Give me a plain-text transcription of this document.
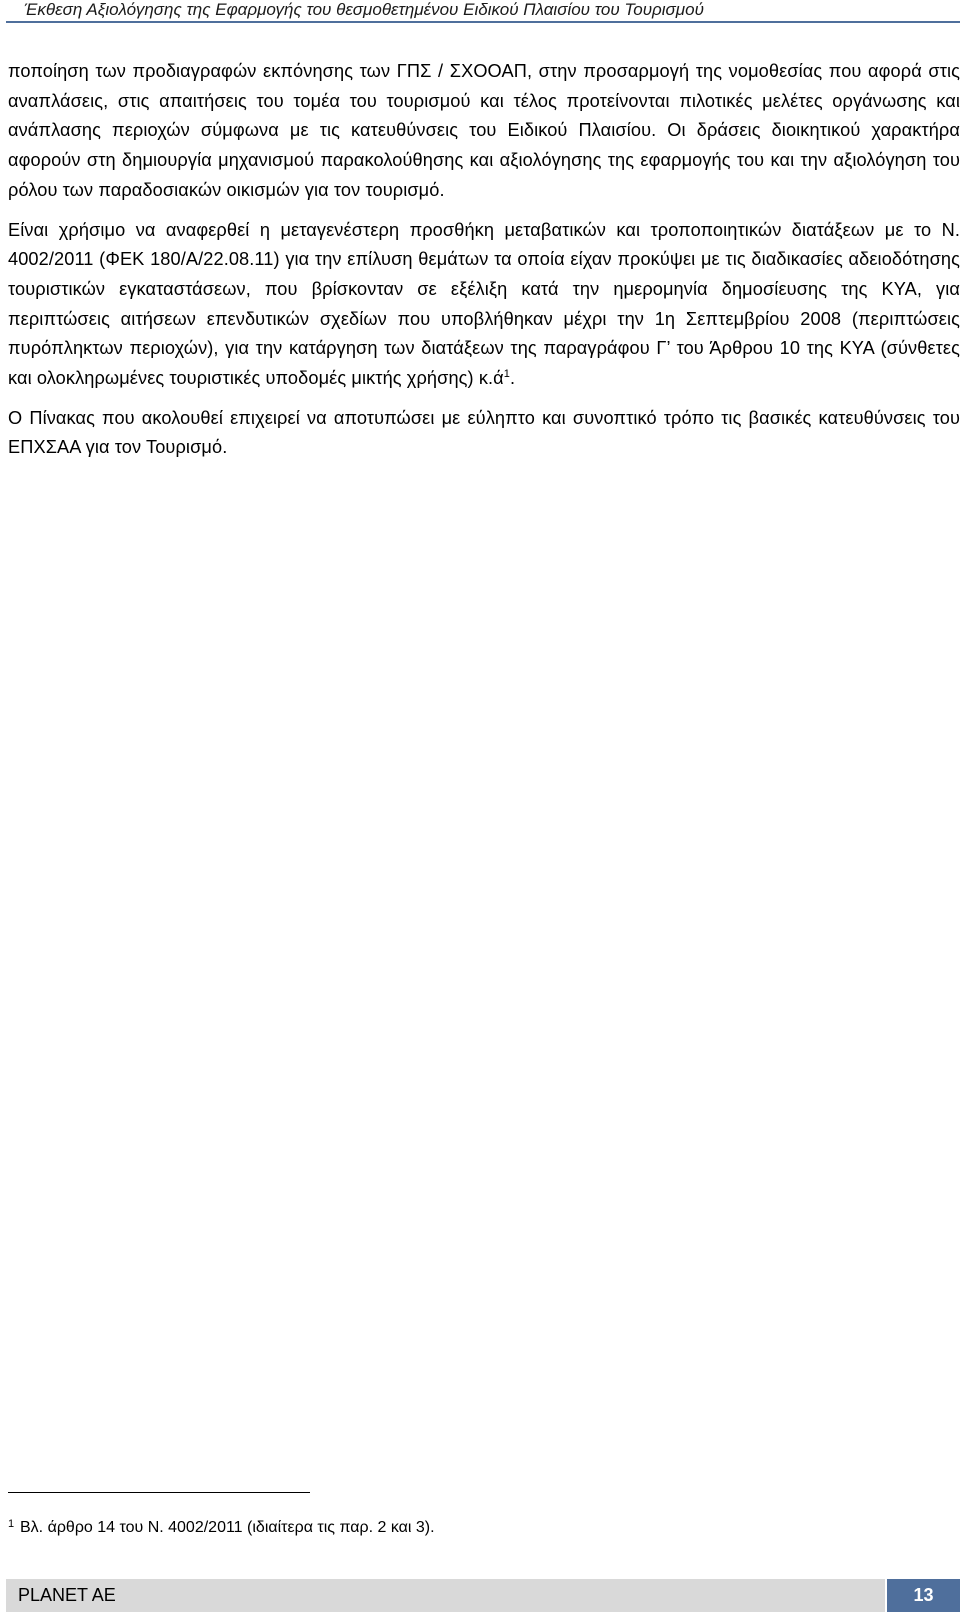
Έκθεση Αξιολόγησης της Εφαρμογής του θεσμοθετημένου Ειδικού Πλαισίου του Τουρισμού

ποποίηση των προδιαγραφών εκπόνησης των ΓΠΣ / ΣΧΟΟΑΠ, στην προσαρμογή της νομοθεσίας που αφορά στις αναπλάσεις, στις απαιτήσεις του τομέα του τουρισμού και τέλος προτείνονται πιλοτικές μελέτες οργάνωσης και ανάπλασης περιοχών σύμφωνα με τις κατευθύνσεις του Ειδικού Πλαισίου. Οι δράσεις διοικητικού χαρακτήρα αφορούν στη δημιουργία μηχανισμού παρακολούθησης και αξιολόγησης της εφαρμογής του και την αξιολόγηση του ρόλου των παραδοσιακών οικισμών για τον τουρισμό.

Είναι χρήσιμο να αναφερθεί η μεταγενέστερη προσθήκη μεταβατικών και τροποποιητικών διατάξεων με το Ν. 4002/2011 (ΦΕΚ 180/Α/22.08.11) για την επίλυση θεμάτων τα οποία είχαν προκύψει με τις διαδικασίες αδειοδότησης τουριστικών εγκαταστάσεων, που βρίσκονταν σε εξέλιξη κατά την ημερομηνία δημοσίευσης της ΚΥΑ, για περιπτώσεις αιτήσεων επενδυτικών σχεδίων που υποβλήθηκαν μέχρι την 1η Σεπτεμβρίου 2008 (περιπτώσεις πυρόπληκτων περιοχών), για την κατάργηση των διατάξεων της παραγράφου Γ’ του Άρθρου 10 της ΚΥΑ (σύνθετες και ολοκληρωμένες τουριστικές υποδομές μικτής χρήσης) $\kappa.ά^1$.

Ο Πίνακας που ακολουθεί επιχειρεί να αποτυπώσει με εύληπτο και συνοπτικό τρόπο τις βασικές κατευθύνσεις του ΕΠΧΣΑΑ για τον Τουρισμό.

$^1$ Βλ. άρθρο 14 του Ν. 4002/2011 (ιδιαίτερα τις παρ. 2 και 3).
PLANET AE	13
